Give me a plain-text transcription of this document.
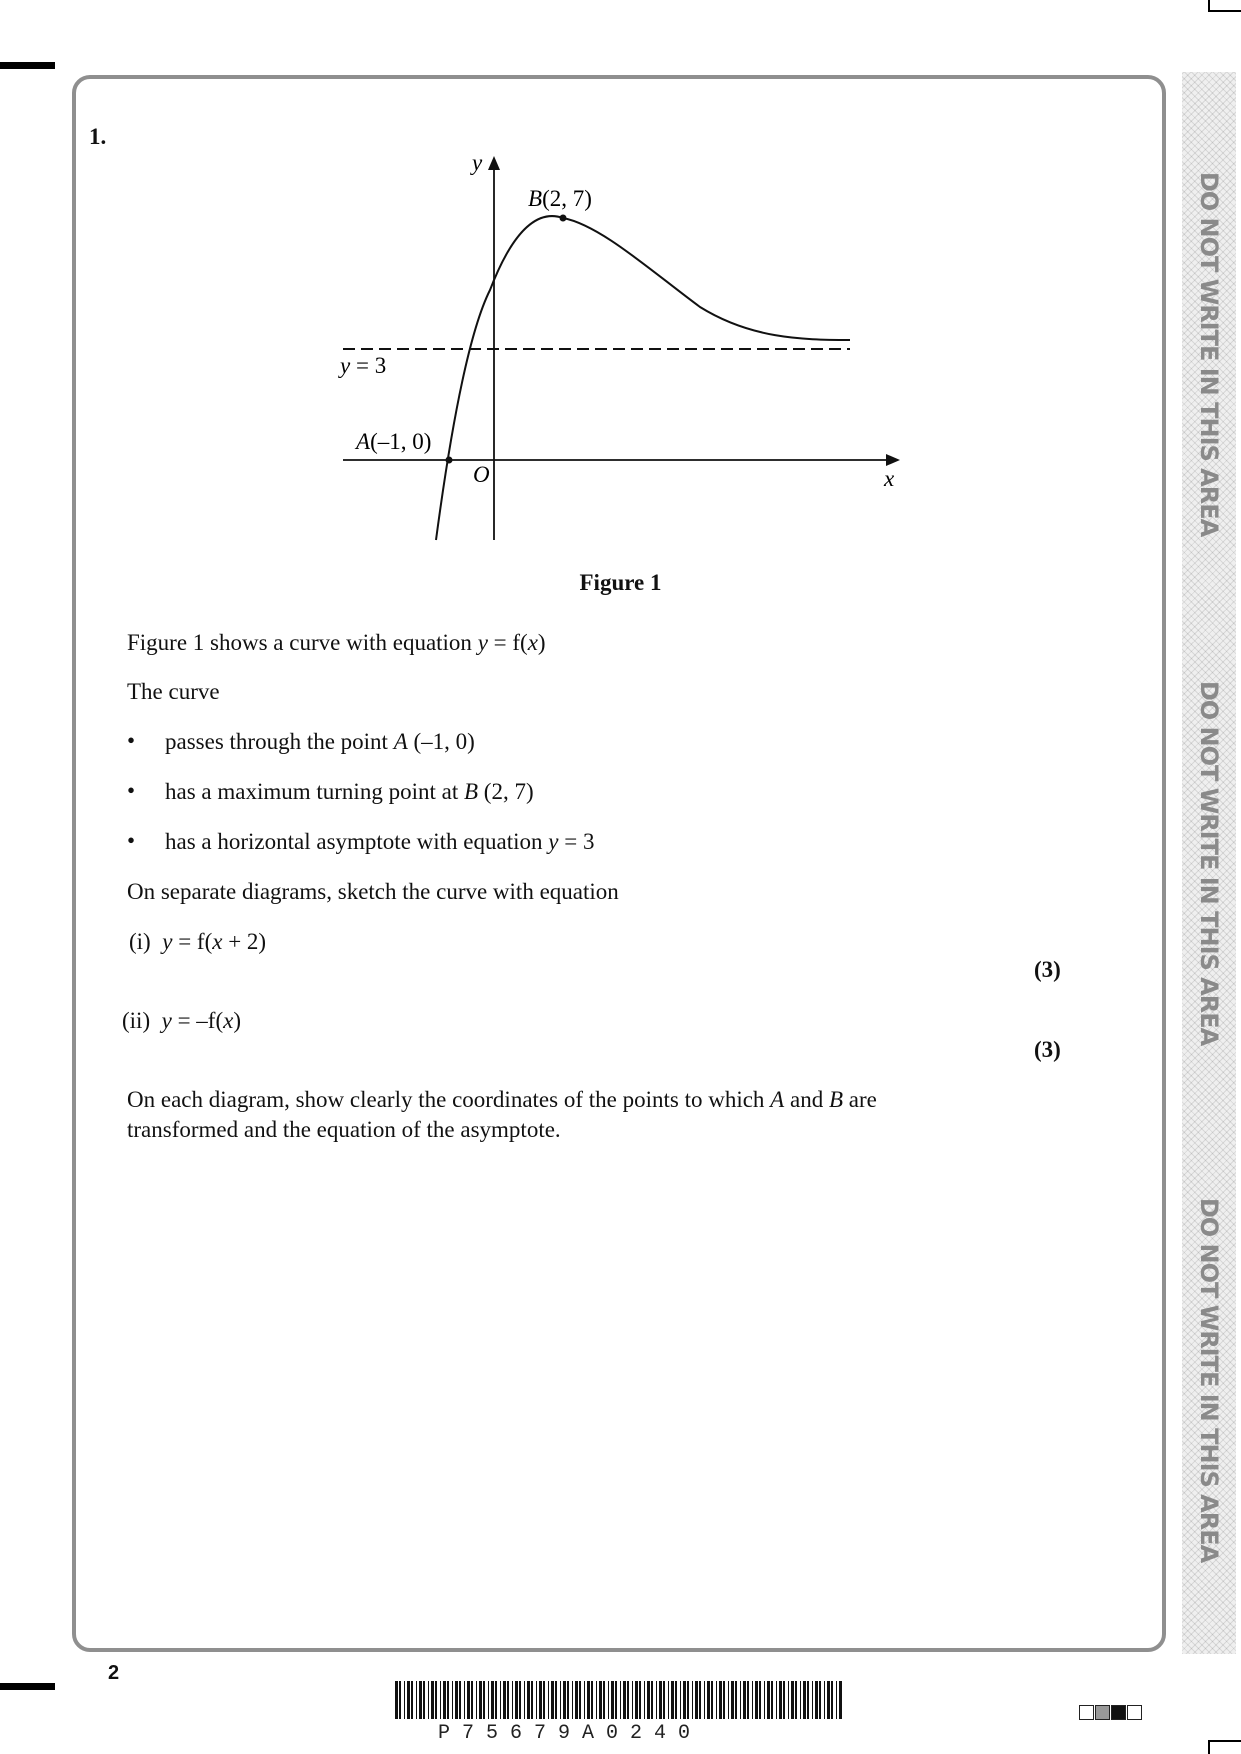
DO NOT WRITE IN THIS AREA
DO NOT WRITE IN THIS AREA
DO NOT WRITE IN THIS AREA
1.
y
x
O
B(2, 7)
A(–1, 0)
y = 3
Figure 1
Figure 1 shows a curve with equation y = f(x)
The curve
• passes through the point A (–1, 0)
• has a maximum turning point at B (2, 7)
• has a horizontal asymptote with equation y = 3
On separate diagrams, sketch the curve with equation
(i) y = f(x + 2)
(3)
(ii) y = –f(x)
(3)
On each diagram, show clearly the coordinates of the points to which A and B are
transformed and the equation of the asymptote.
2
P75679A0240
